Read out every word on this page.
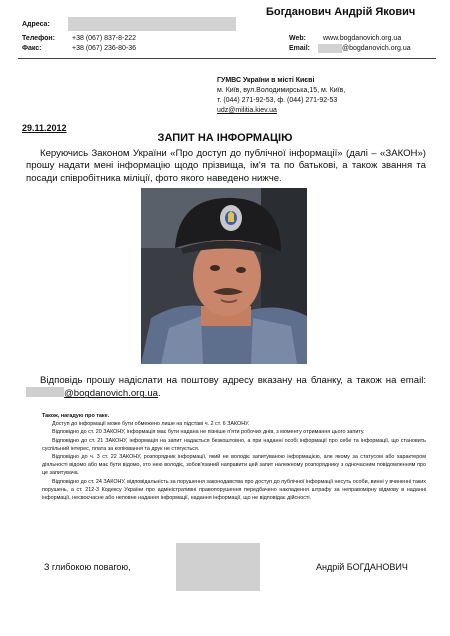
Богданович Андрій Якович
Адреса:
Телефон: +38 (067) 837-8-222
Факс:	+38 (067) 236-80-36
Web: www.bogdanovich.org.ua
Email:	@bogdanovich.org.ua
ГУМВС України в місті Києві
м. Київ, вул.Володимирська,15, м. Київ,
т. (044) 271-92-53, ф. (044) 271-92-53
udz@militia.kiev.ua
29.11.2012
ЗАПИТ НА ІНФОРМАЦІЮ

Керуючись Законом України «Про доступ до публічної інформації» (далі – «ЗАКОН») прошу надати мені інформацію щодо прізвища, ім'я та по батькові, а також звання та посади співробітника міліції, фото якого наведено нижче.

Відповідь прошу надіслати на поштову адресу вказану на бланку, а також на email: @bogdanovich.org.ua.

Також, нагадую про таке.

Доступ до інформації може бути обмежено лише на підставі ч. 2 ст. 6 ЗАКОНУ.

Відповідно до ст. 20 ЗАКОНУ, інформація має бути надана не пізніше п'яти робочих днів, з моменту отримання цього запиту.

Відповідно до ст. 21 ЗАКОНУ, інформація на запит надається безкоштовно, а при наданні особі інформації про себе та інформації, що становить суспільний інтерес, плата за копіювання та друк не стягується.

Відповідно до ч. 3 ст. 22 ЗАКОНУ, розпорядник інформації, який не володіє запитуваною інформацією, але якому за статусом або характером діяльності відомо або має бути відомо, хто нею володіє, зобов'язаний направити цей запит належному розпоряднику з одночасним повідомленням про це запитувача.

Відповідно до ст. 24 ЗАКОНУ, відповідальність за порушення законодавства про доступ до публічної інформації несуть особи, винні у вчиненні таких порушень, а ст. 212-3 Кодексу України про адміністративні правопорушення передбачено накладення штрафу за неправомірну відмову в наданні інформації, несвоєчасне або неповне надання інформації, надання інформації, що не відповідає дійсності.

З глибокою повагою,	Андрій БОГДАНОВИЧ
